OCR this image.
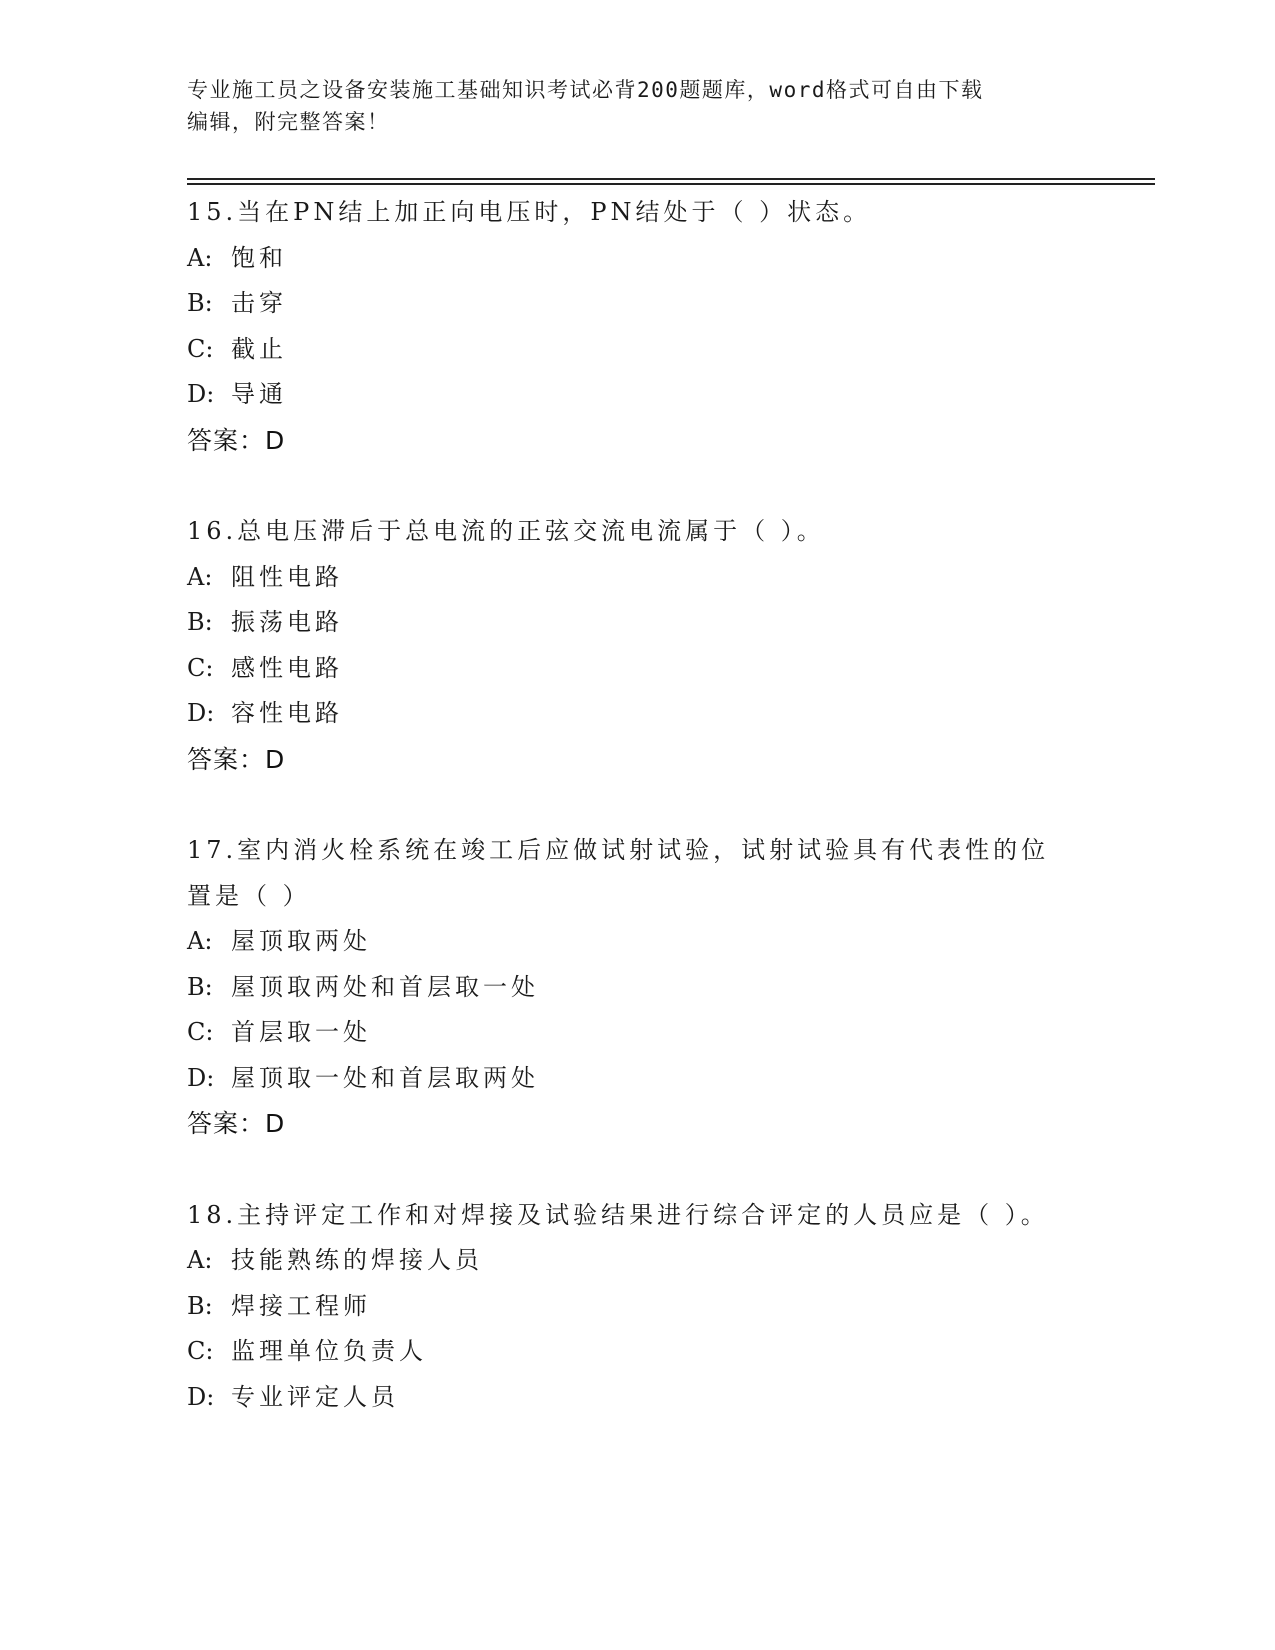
专业施工员之设备安装施工基础知识考试必背200题题库，word格式可自由下载
编辑，附完整答案！

15.当在PN结上加正向电压时，PN结处于（ ）状态。

A: 饱和

B: 击穿

C: 截止

D: 导通

答案：D

16.总电压滞后于总电流的正弦交流电流属于（ ）。

A: 阻性电路

B: 振荡电路

C: 感性电路

D: 容性电路

答案：D

17.室内消火栓系统在竣工后应做试射试验，试射试验具有代表性的位置是（ ）

A: 屋顶取两处

B: 屋顶取两处和首层取一处

C: 首层取一处

D: 屋顶取一处和首层取两处

答案：D

18.主持评定工作和对焊接及试验结果进行综合评定的人员应是（ ）。

A: 技能熟练的焊接人员

B: 焊接工程师

C: 监理单位负责人

D: 专业评定人员
